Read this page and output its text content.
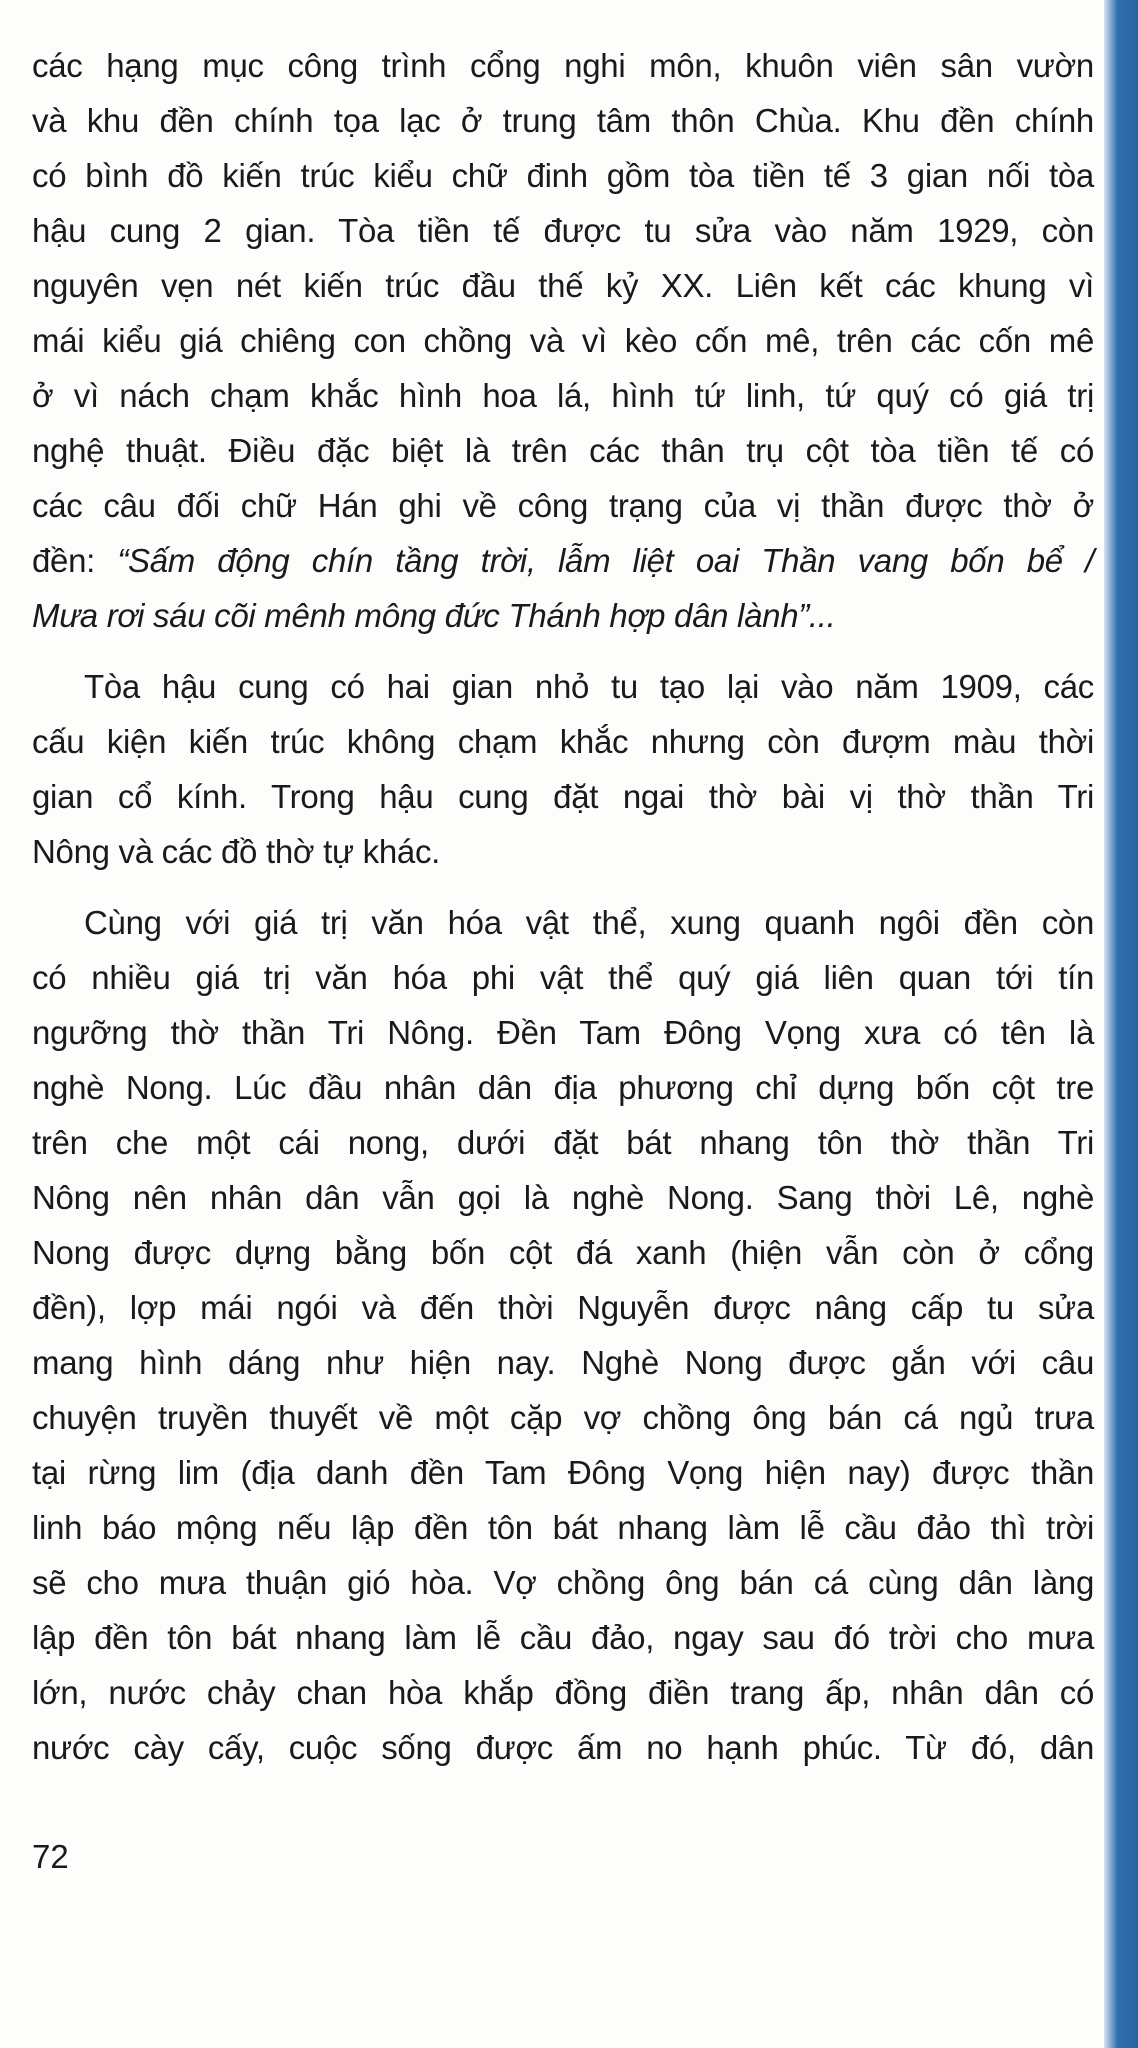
các hạng mục công trình cổng nghi môn, khuôn viên sân vườn
và khu đền chính tọa lạc ở trung tâm thôn Chùa. Khu đền chính
có bình đồ kiến trúc kiểu chữ đinh gồm tòa tiền tế 3 gian nối tòa
hậu cung 2 gian. Tòa tiền tế được tu sửa vào năm 1929, còn
nguyên vẹn nét kiến trúc đầu thế kỷ XX. Liên kết các khung vì
mái kiểu giá chiêng con chồng và vì kèo cốn mê, trên các cốn mê
ở vì nách chạm khắc hình hoa lá, hình tứ linh, tứ quý có giá trị
nghệ thuật. Điều đặc biệt là trên các thân trụ cột tòa tiền tế có
các câu đối chữ Hán ghi về công trạng của vị thần được thờ ở
đền: “Sấm động chín tầng trời, lẫm liệt oai Thần vang bốn bể /
Mưa rơi sáu cõi mênh mông đức Thánh hợp dân lành”...
Tòa hậu cung có hai gian nhỏ tu tạo lại vào năm 1909, các
cấu kiện kiến trúc không chạm khắc nhưng còn đượm màu thời
gian cổ kính. Trong hậu cung đặt ngai thờ bài vị thờ thần Tri
Nông và các đồ thờ tự khác.
Cùng với giá trị văn hóa vật thể, xung quanh ngôi đền còn
có nhiều giá trị văn hóa phi vật thể quý giá liên quan tới tín
ngưỡng thờ thần Tri Nông. Đền Tam Đông Vọng xưa có tên là
nghè Nong. Lúc đầu nhân dân địa phương chỉ dựng bốn cột tre
trên che một cái nong, dưới đặt bát nhang tôn thờ thần Tri
Nông nên nhân dân vẫn gọi là nghè Nong. Sang thời Lê, nghè
Nong được dựng bằng bốn cột đá xanh (hiện vẫn còn ở cổng
đền), lợp mái ngói và đến thời Nguyễn được nâng cấp tu sửa
mang hình dáng như hiện nay. Nghè Nong được gắn với câu
chuyện truyền thuyết về một cặp vợ chồng ông bán cá ngủ trưa
tại rừng lim (địa danh đền Tam Đông Vọng hiện nay) được thần
linh báo mộng nếu lập đền tôn bát nhang làm lễ cầu đảo thì trời
sẽ cho mưa thuận gió hòa. Vợ chồng ông bán cá cùng dân làng
lập đền tôn bát nhang làm lễ cầu đảo, ngay sau đó trời cho mưa
lớn, nước chảy chan hòa khắp đồng điền trang ấp, nhân dân có
nước cày cấy, cuộc sống được ấm no hạnh phúc. Từ đó, dân
72
